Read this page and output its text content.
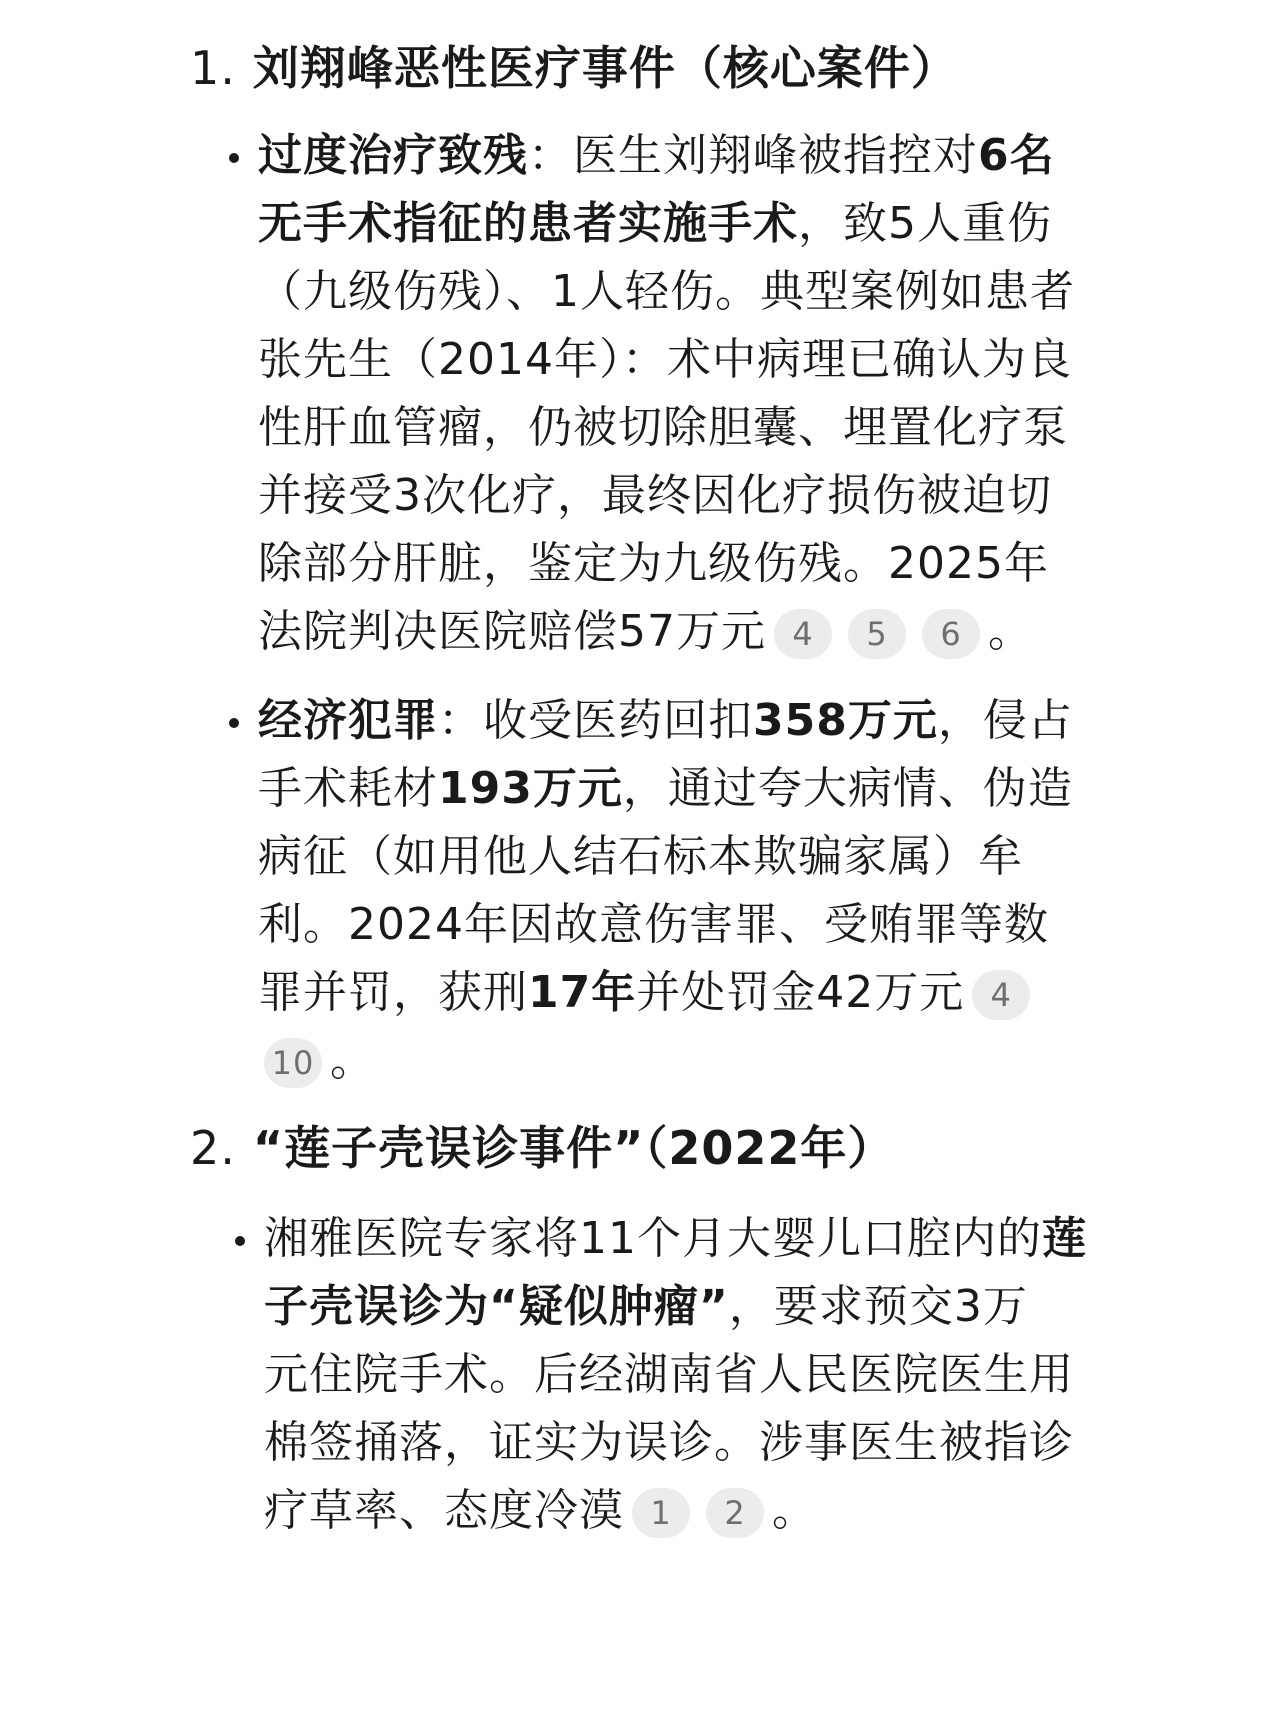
1. 刘翔峰恶性医疗事件（核心案件）
过度治疗致残：医生刘翔峰被指控对6名
无手术指征的患者实施手术，致5人重伤
（九级伤残）、1人轻伤。典型案例如患者
张先生（2014年）：术中病理已确认为良
性肝血管瘤，仍被切除胆囊、埋置化疗泵
并接受3次化疗，最终因化疗损伤被迫切
除部分肝脏，鉴定为九级伤残。2025年
法院判决医院赔偿57万元 4 5 6 。
经济犯罪：收受医药回扣358万元，侵占
手术耗材193万元，通过夸大病情、伪造
病征（如用他人结石标本欺骗家属）牟
利。2024年因故意伤害罪、受贿罪等数
罪并罚，获刑17年并处罚金42万元 4
10 。
2. “莲子壳误诊事件”（2022年）
湘雅医院专家将11个月大婴儿口腔内的莲
子壳误诊为“疑似肿瘤”，要求预交3万
元住院手术。后经湖南省人民医院医生用
棉签捅落，证实为误诊。涉事医生被指诊
疗草率、态度冷漠 1 2 。
